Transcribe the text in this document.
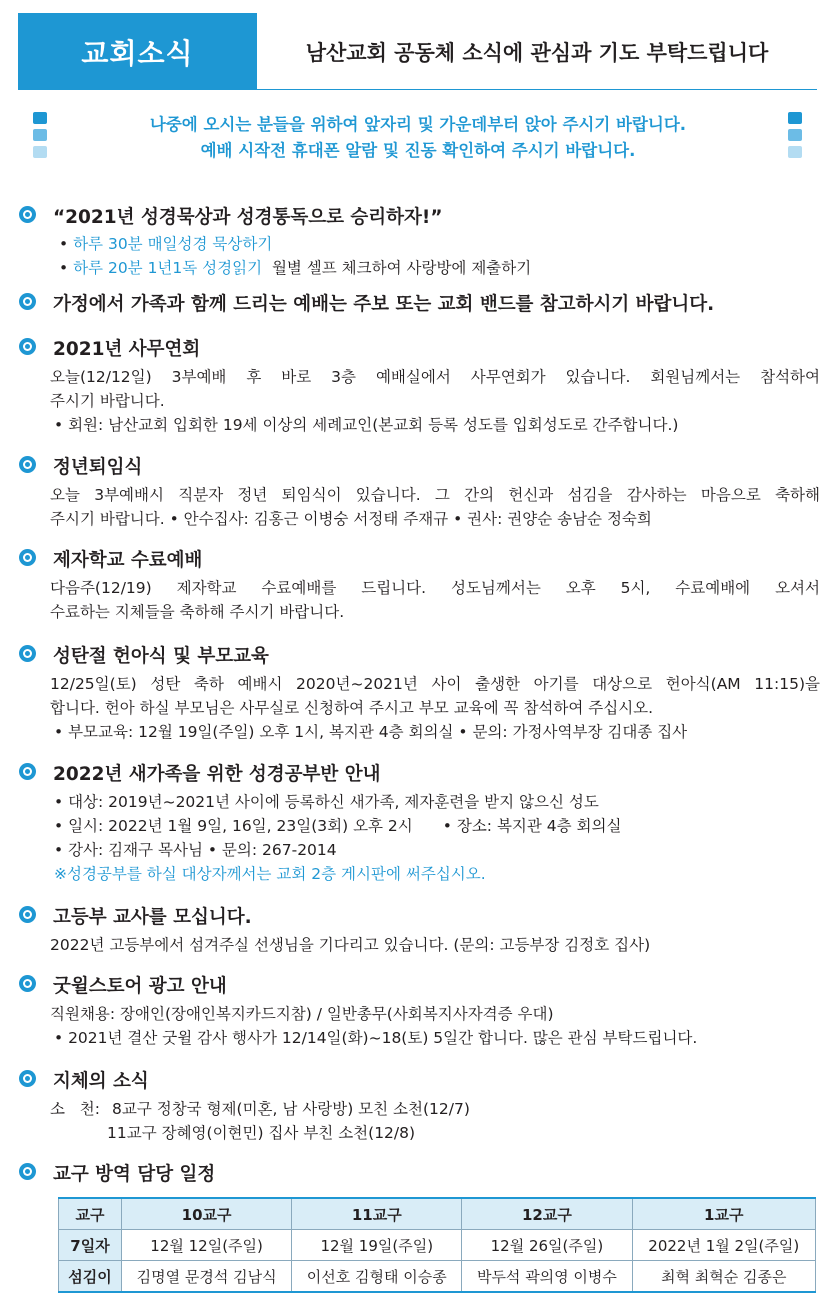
교회소식	남산교회 공동체 소식에 관심과 기도 부탁드립니다
나중에 오시는 분들을 위하여 앞자리 및 가운데부터 앉아 주시기 바랍니다.
예배 시작전 휴대폰 알람 및 진동 확인하여 주시기 바랍니다.
“2021년 성경묵상과 성경통독으로 승리하자!”

• 하루 30분 매일성경 묵상하기

• 하루 20분 1년1독 성경읽기 월별 셀프 체크하여 사랑방에 제출하기

가정에서 가족과 함께 드리는 예배는 주보 또는 교회 밴드를 참고하시기 바랍니다.
2021년 사무연회

오늘(12/12일) 3부예배 후 바로 3층 예배실에서 사무연회가 있습니다. 회원님께서는 참석하여

주시기 바랍니다.

• 회원: 남산교회 입회한 19세 이상의 세례교인(본교회 등록 성도를 입회성도로 간주합니다.)

정년퇴임식

오늘 3부예배시 직분자 정년 퇴임식이 있습니다. 그 간의 헌신과 섬김을 감사하는 마음으로 축하해

주시기 바랍니다. • 안수집사: 김홍근 이병숭 서정태 주재규 • 권사: 권양순 송남순 정숙희

제자학교 수료예배

다음주(12/19) 제자학교 수료예배를 드립니다. 성도님께서는 오후 5시, 수료예배에 오셔서

수료하는 지체들을 축하해 주시기 바랍니다.

성탄절 헌아식 및 부모교육

12/25일(토) 성탄 축하 예배시 2020년~2021년 사이 출생한 아기를 대상으로 헌아식(AM 11:15)을

합니다. 헌아 하실 부모님은 사무실로 신청하여 주시고 부모 교육에 꼭 참석하여 주십시오.

• 부모교육: 12월 19일(주일) 오후 1시, 복지관 4층 회의실 • 문의: 가정사역부장 김대종 집사

2022년 새가족을 위한 성경공부반 안내

• 대상: 2019년~2021년 사이에 등록하신 새가족, 제자훈련을 받지 않으신 성도

• 일시: 2022년 1월 9일, 16일, 23일(3회) 오후 2시 • 장소: 복지관 4층 회의실

• 강사: 김재구 목사님 • 문의: 267-2014

※성경공부를 하실 대상자께서는 교회 2층 게시판에 써주십시오.

고등부 교사를 모십니다.

2022년 고등부에서 섬겨주실 선생님을 기다리고 있습니다. (문의: 고등부장 김정호 집사)

굿윌스토어 광고 안내

직원채용: 장애인(장애인복지카드지참) / 일반총무(사회복지사자격증 우대)

• 2021년 결산 굿윌 감사 행사가 12/14일(화)~18(토) 5일간 합니다. 많은 관심 부탁드립니다.

지체의 소식

소   천: 8교구 정창국 형제(미혼, 남 사랑방) 모친 소천(12/7)

11교구 장혜영(이현민) 집사 부친 소천(12/8)

교구 방역 담당 일정
교구	10교구	11교구	12교구	1교구
7일자	12월 12일(주일)	12월 19일(주일)	12월 26일(주일)	2022년 1월 2일(주일)
섬김이	김명열 문경석 김남식	이선호 김형태 이승종	박두석 곽의영 이병수	최혁 최혁순 김종은
